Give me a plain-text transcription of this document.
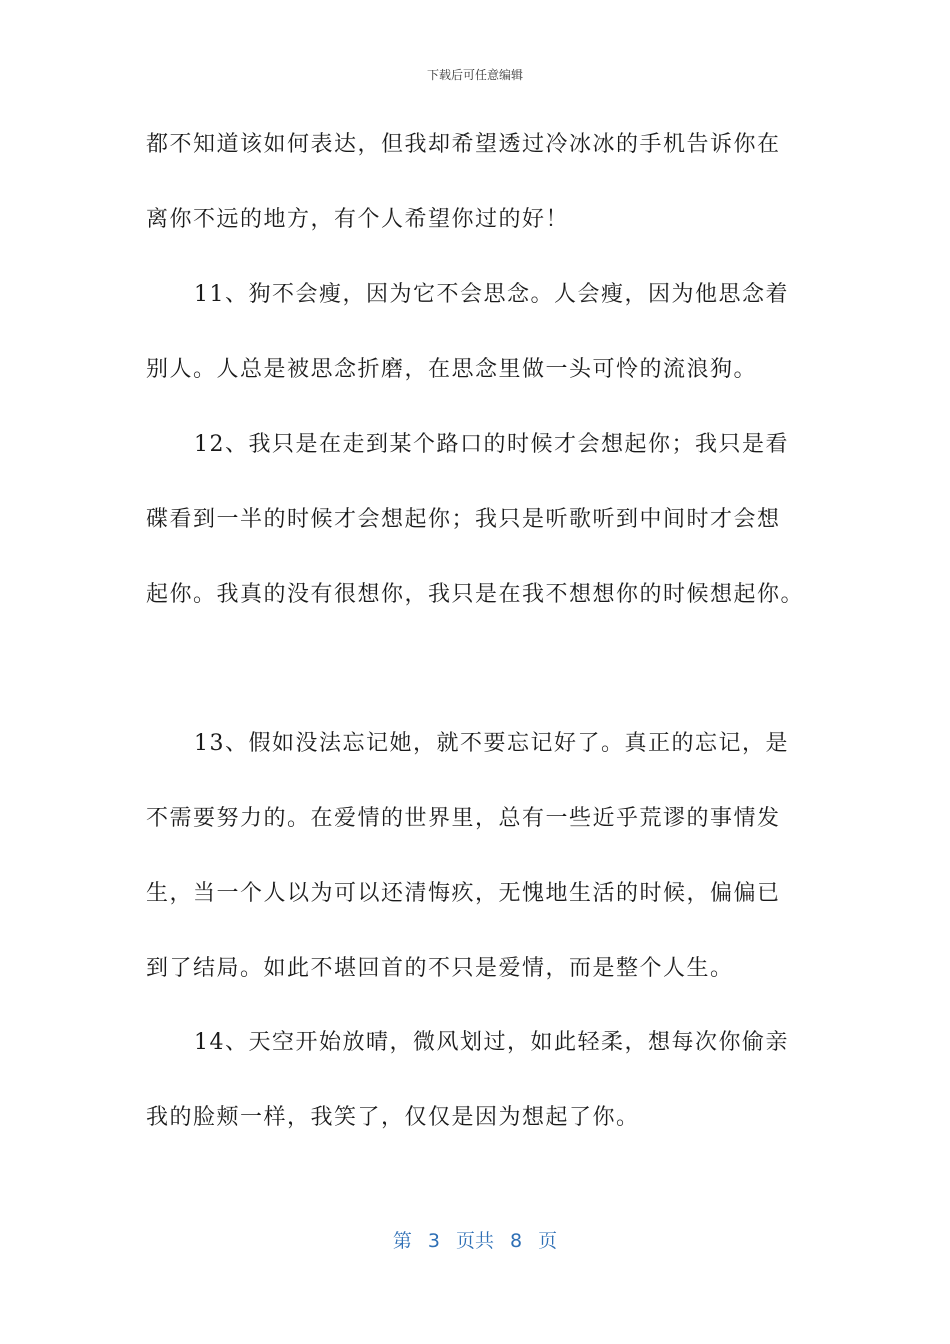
下载后可任意编辑
都不知道该如何表达，但我却希望透过冷冰冰的手机告诉你在
离你不远的地方，有个人希望你过的好！
11、狗不会瘦，因为它不会思念。人会瘦，因为他思念着
别人。人总是被思念折磨，在思念里做一头可怜的流浪狗。
12、我只是在走到某个路口的时候才会想起你；我只是看
碟看到一半的时候才会想起你；我只是听歌听到中间时才会想
起你。我真的没有很想你，我只是在我不想想你的时候想起你。
13、假如没法忘记她，就不要忘记好了。真正的忘记，是
不需要努力的。在爱情的世界里，总有一些近乎荒谬的事情发
生，当一个人以为可以还清悔疚，无愧地生活的时候，偏偏已
到了结局。如此不堪回首的不只是爱情，而是整个人生。
14、天空开始放晴，微风划过，如此轻柔，想每次你偷亲
我的脸颊一样，我笑了，仅仅是因为想起了你。
第 3 页共 8 页
